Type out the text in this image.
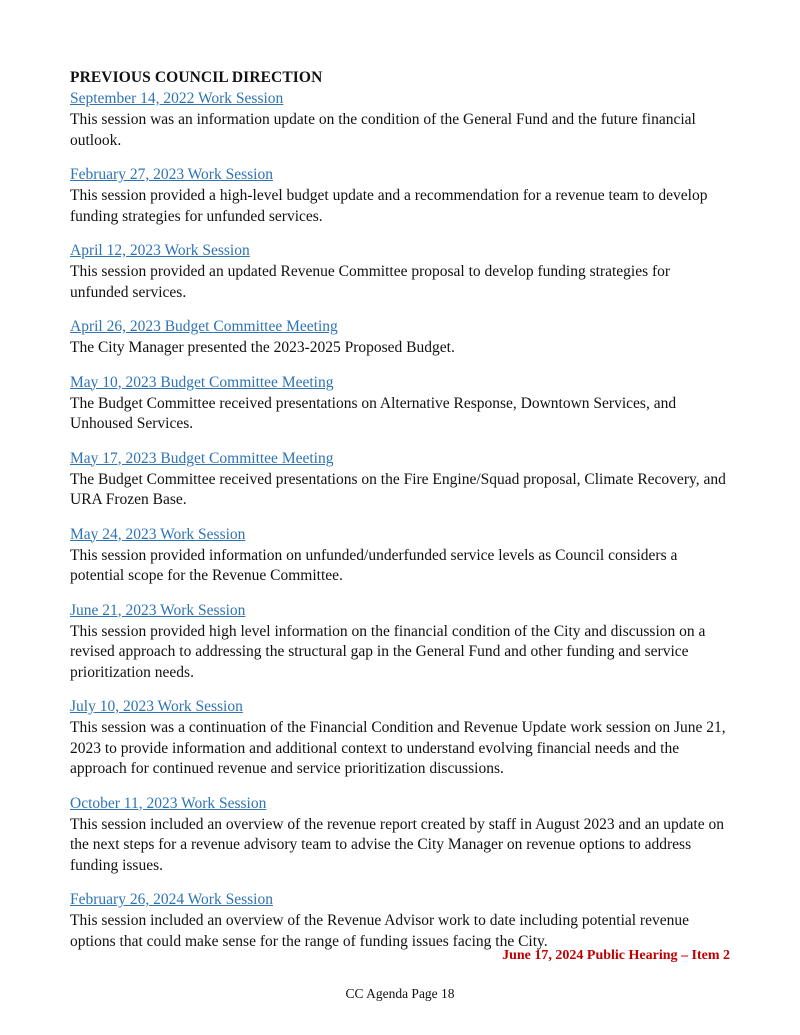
PREVIOUS COUNCIL DIRECTION
September 14, 2022 Work Session

This session was an information update on the condition of the General Fund and the future financial outlook.

February 27, 2023 Work Session

This session provided a high-level budget update and a recommendation for a revenue team to develop funding strategies for unfunded services.

April 12, 2023 Work Session

This session provided an updated Revenue Committee proposal to develop funding strategies for unfunded services.

April 26, 2023 Budget Committee Meeting

The City Manager presented the 2023-2025 Proposed Budget.

May 10, 2023 Budget Committee Meeting

The Budget Committee received presentations on Alternative Response, Downtown Services, and Unhoused Services.

May 17, 2023 Budget Committee Meeting

The Budget Committee received presentations on the Fire Engine/Squad proposal, Climate Recovery, and URA Frozen Base.

May 24, 2023 Work Session

This session provided information on unfunded/underfunded service levels as Council considers a potential scope for the Revenue Committee.

June 21, 2023 Work Session

This session provided high level information on the financial condition of the City and discussion on a revised approach to addressing the structural gap in the General Fund and other funding and service prioritization needs.

July 10, 2023 Work Session

This session was a continuation of the Financial Condition and Revenue Update work session on June 21, 2023 to provide information and additional context to understand evolving financial needs and the approach for continued revenue and service prioritization discussions.

October 11, 2023 Work Session

This session included an overview of the revenue report created by staff in August 2023 and an update on the next steps for a revenue advisory team to advise the City Manager on revenue options to address funding issues.

February 26, 2024 Work Session

This session included an overview of the Revenue Advisor work to date including potential revenue options that could make sense for the range of funding issues facing the City.

June 17, 2024 Public Hearing – Item 2
CC Agenda Page 18
